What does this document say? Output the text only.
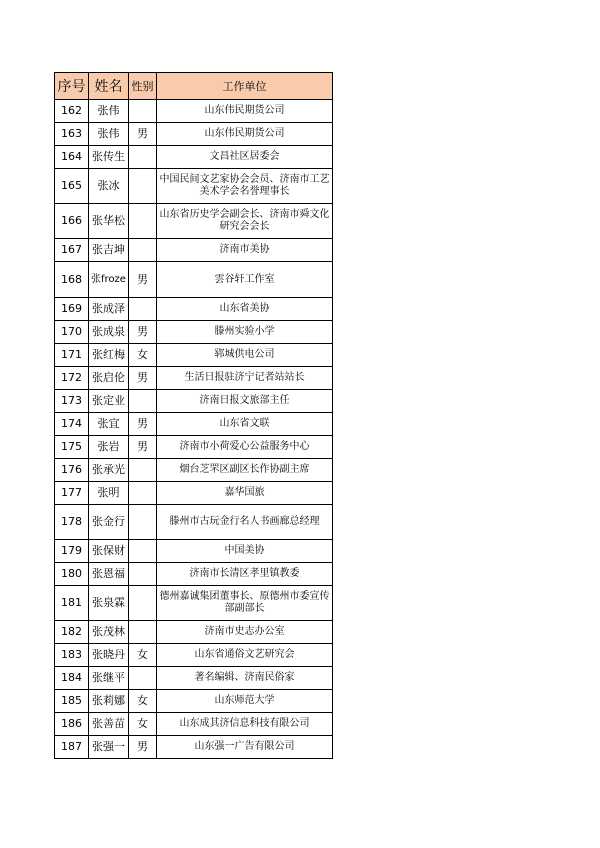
序号	姓名	性别	工作单位
162	张伟		山东伟民期货公司
163	张伟	男	山东伟民期货公司
164	张传生		文昌社区居委会
165	张冰		中国民间文艺家协会会员、济南市工艺美术学会名誉理事长
166	张华松		山东省历史学会副会长、济南市舜文化研究会会长
167	张吉坤		济南市美协
168	张froze	男	雲谷轩工作室
169	张成泽		山东省美协
170	张成泉	男	滕州实验小学
171	张红梅	女	郓城供电公司
172	张启伦	男	生活日报驻济宁记者站站长
173	张定业		济南日报文旅部主任
174	张宜	男	山东省文联
175	张岩	男	济南市小荷爱心公益服务中心
176	张承光		烟台芝罘区副区长作协副主席
177	张明		嘉华国旅
178	张金行		滕州市古玩金行名人书画廊总经理
179	张保财		中国美协
180	张恩福		济南市长清区孝里镇教委
181	张泉霖		德州嘉诚集团董事长、原德州市委宣传部副部长
182	张茂林		济南市史志办公室
183	张晓丹	女	山东省通俗文艺研究会
184	张继平		著名编辑、济南民俗家
185	张莉娜	女	山东师范大学
186	张善苗	女	山东成其济信息科技有限公司
187	张强一	男	山东强一广告有限公司
